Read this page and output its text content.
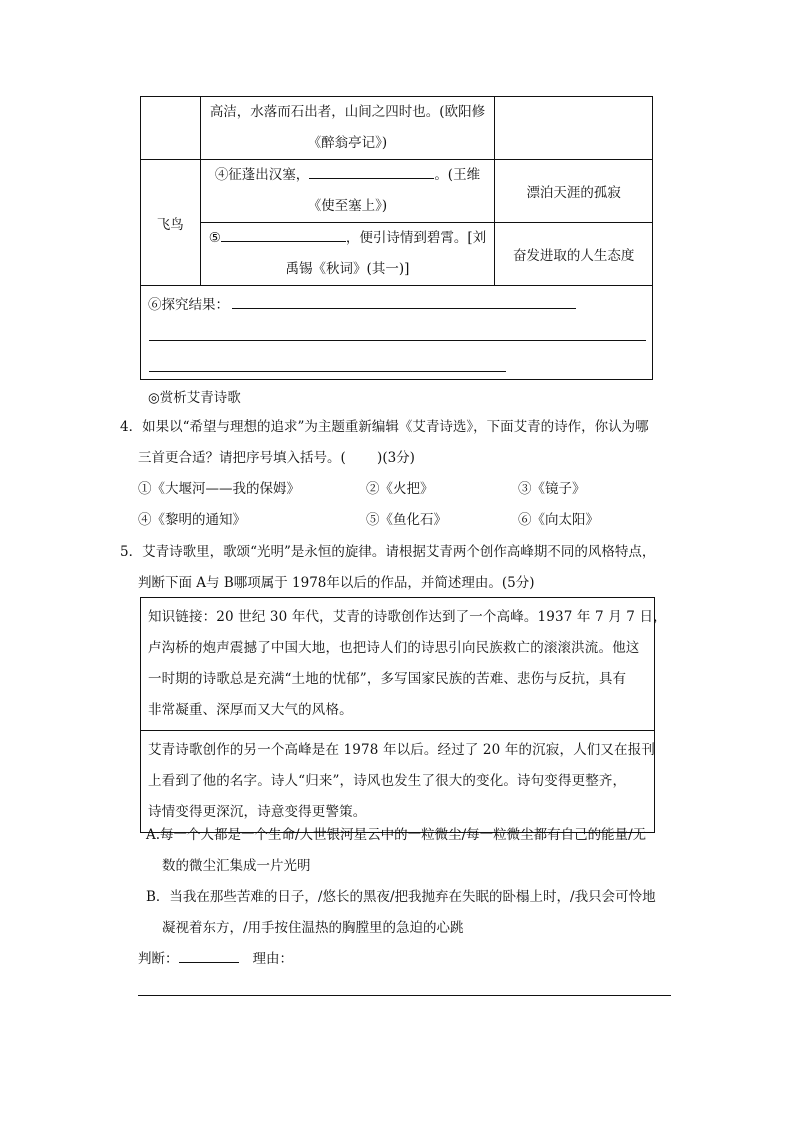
	高洁，水落而石出者，山间之四时也。(欧阳修
《醉翁亭记》)	

飞鸟	④征蓬出汉塞， 。(王维
《使至塞上》)	漂泊天涯的孤寂

	⑤ ，便引诗情到碧霄。[刘
禹锡《秋词》(其一)]	奋发进取的人生态度

⑥探究结果：		
◎赏析艾青诗歌
4．如果以“希望与理想的追求”为主题重新编辑《艾青诗选》，下面艾青的诗作，你认为哪
三首更合适？请把序号填入括号。(　　 )(3分)
①《大堰河——我的保姆》	②《火把》	③《镜子》
④《黎明的通知》	⑤《鱼化石》	⑥《向太阳》
5．艾青诗歌里，歌颂“光明”是永恒的旋律。请根据艾青两个创作高峰期不同的风格特点，
判断下面 A与 B哪项属于 1978年以后的作品，并简述理由。(5分)
知识链接：20 世纪 30 年代，艾青的诗歌创作达到了一个高峰。1937 年 7 月 7 日，
卢沟桥的炮声震撼了中国大地，也把诗人们的诗思引向民族救亡的滚滚洪流。他这
一时期的诗歌总是充满“土地的忧郁”，多写国家民族的苦难、悲伤与反抗，具有
非常凝重、深厚而又大气的风格。
艾青诗歌创作的另一个高峰是在 1978 年以后。经过了 20 年的沉寂，人们又在报刊
上看到了他的名字。诗人“归来”，诗风也发生了很大的变化。诗句变得更整齐，
诗情变得更深沉，诗意变得更警策。
A.每一个人都是一个生命/人世银河星云中的一粒微尘/每一粒微尘都有自己的能量/无
数的微尘汇集成一片光明
B．当我在那些苦难的日子，/悠长的黑夜/把我抛弃在失眠的卧榻上时，/我只会可怜地
凝视着东方，/用手按住温热的胸膛里的急迫的心跳
判断：	理由：
